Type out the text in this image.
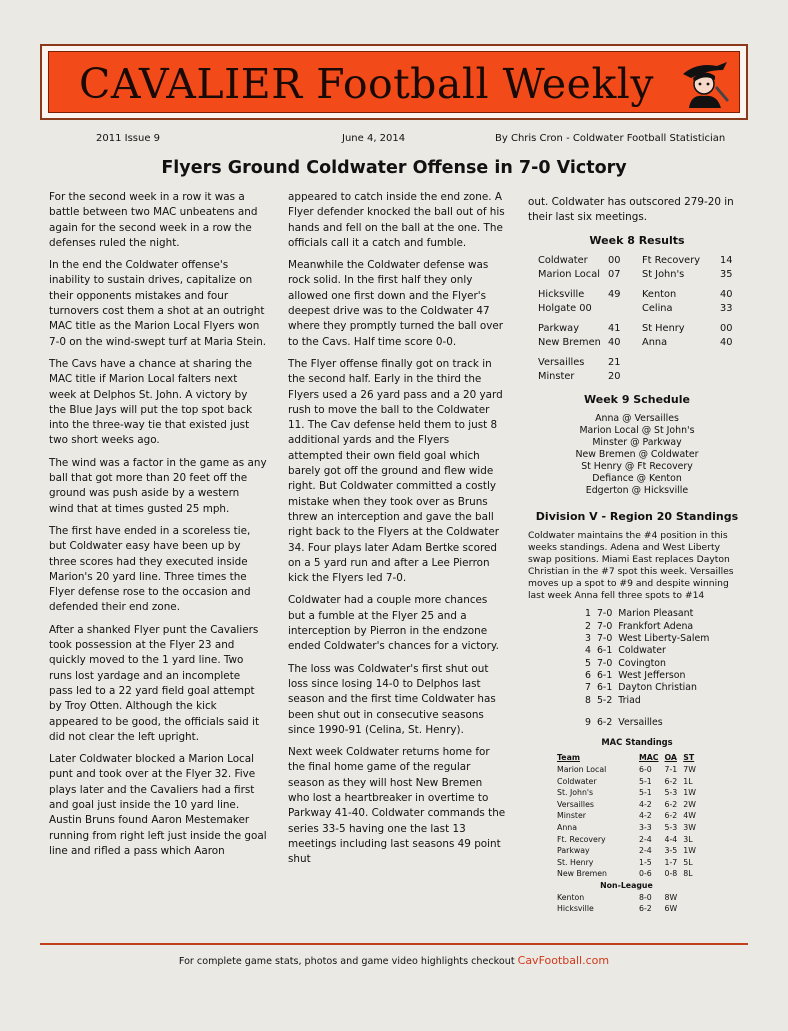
CAVALIER Football Weekly
2011 Issue 9	June 4, 2014	By Chris Cron - Coldwater Football Statistician
Flyers Ground Coldwater Offense in 7-0 Victory

For the second week in a row it was a battle between two MAC unbeatens and again for the second week in a row the defenses ruled the night.

In the end the Coldwater offense's inability to sustain drives, capitalize on their opponents mistakes and four turnovers cost them a shot at an outright MAC title as the Marion Local Flyers won 7-0 on the wind-swept turf at Maria Stein.

The Cavs have a chance at sharing the MAC title if Marion Local falters next week at Delphos St. John. A victory by the Blue Jays will put the top spot back into the three-way tie that existed just two short weeks ago.

The wind was a factor in the game as any ball that got more than 20 feet off the ground was push aside by a western wind that at times gusted 25 mph.

The first have ended in a scoreless tie, but Coldwater easy have been up by three scores had they executed inside Marion's 20 yard line. Three times the Flyer defense rose to the occasion and defended their end zone.

After a shanked Flyer punt the Cavaliers took possession at the Flyer 23 and quickly moved to the 1 yard line. Two runs lost yardage and an incomplete pass led to a 22 yard field goal attempt by Troy Otten. Although the kick appeared to be good, the officials said it did not clear the left upright.

Later Coldwater blocked a Marion Local punt and took over at the Flyer 32. Five plays later and the Cavaliers had a first and goal just inside the 10 yard line. Austin Bruns found Aaron Mestemaker running from right left just inside the goal line and rifled a pass which Aaron

appeared to catch inside the end zone. A Flyer defender knocked the ball out of his hands and fell on the ball at the one. The officials call it a catch and fumble.

Meanwhile the Coldwater defense was rock solid. In the first half they only allowed one first down and the Flyer's deepest drive was to the Coldwater 47 where they promptly turned the ball over to the Cavs. Half time score 0-0.

The Flyer offense finally got on track in the second half. Early in the third the Flyers used a 26 yard pass and a 20 yard rush to move the ball to the Coldwater 11. The Cav defense held them to just 8 additional yards and the Flyers attempted their own field goal which barely got off the ground and flew wide right. But Coldwater committed a costly mistake when they took over as Bruns threw an interception and gave the ball right back to the Flyers at the Coldwater 34. Four plays later Adam Bertke scored on a 5 yard run and after a Lee Pierron kick the Flyers led 7-0.

Coldwater had a couple more chances but a fumble at the Flyer 25 and a interception by Pierron in the endzone ended Coldwater's chances for a victory.

The loss was Coldwater's first shut out loss since losing 14-0 to Delphos last season and the first time Coldwater has been shut out in consecutive seasons since 1990-91 (Celina, St. Henry).

Next week Coldwater returns home for the final home game of the regular season as they will host New Bremen who lost a heartbreaker in overtime to Parkway 41-40. Coldwater commands the series 33-5 having one the last 13 meetings including last seasons 49 point shut

out. Coldwater has outscored 279-20 in their last six meetings.

Week 8 Results
Coldwater	00	Ft Recovery	14
Marion Local	07	St John's	35
Hicksville	49	Kenton	40
Holgate 00		Celina	33
Parkway	41	St Henry	00
New Bremen	40	Anna	40
Versailles	21		
Minster	20		
Week 9 Schedule
Anna @ Versailles
Marion Local @ St John's
Minster @ Parkway
New Bremen @ Coldwater
St Henry @ Ft Recovery
Defiance @ Kenton
Edgerton @ Hicksville
Division V - Region 20 Standings
Coldwater maintains the #4 position in this weeks standings. Adena and West Liberty swap positions. Miami East replaces Dayton Christian in the #7 spot this week. Versailles moves up a spot to #9 and despite winning last week Anna fell three spots to #14
1	7-0	Marion Pleasant
2	7-0	Frankfort Adena
3	7-0	West Liberty-Salem
4	6-1	Coldwater
5	7-0	Covington
6	6-1	West Jefferson
7	6-1	Dayton Christian
8	5-2	Triad
9	6-2	Versailles
MAC Standings
Team	MAC	OA	ST
Marion Local	6-0	7-1	7W
Coldwater	5-1	6-2	1L
St. John's	5-1	5-3	1W
Versailles	4-2	6-2	2W
Minster	4-2	6-2	4W
Anna	3-3	5-3	3W
Ft. Recovery	2-4	4-4	3L
Parkway	2-4	3-5	1W
St. Henry	1-5	1-7	5L
New Bremen	0-6	0-8	8L
Non-League			
Kenton	8-0	8W	
Hicksville	6-2	6W	
For complete game stats, photos and game video highlights checkout CavFootball.com
